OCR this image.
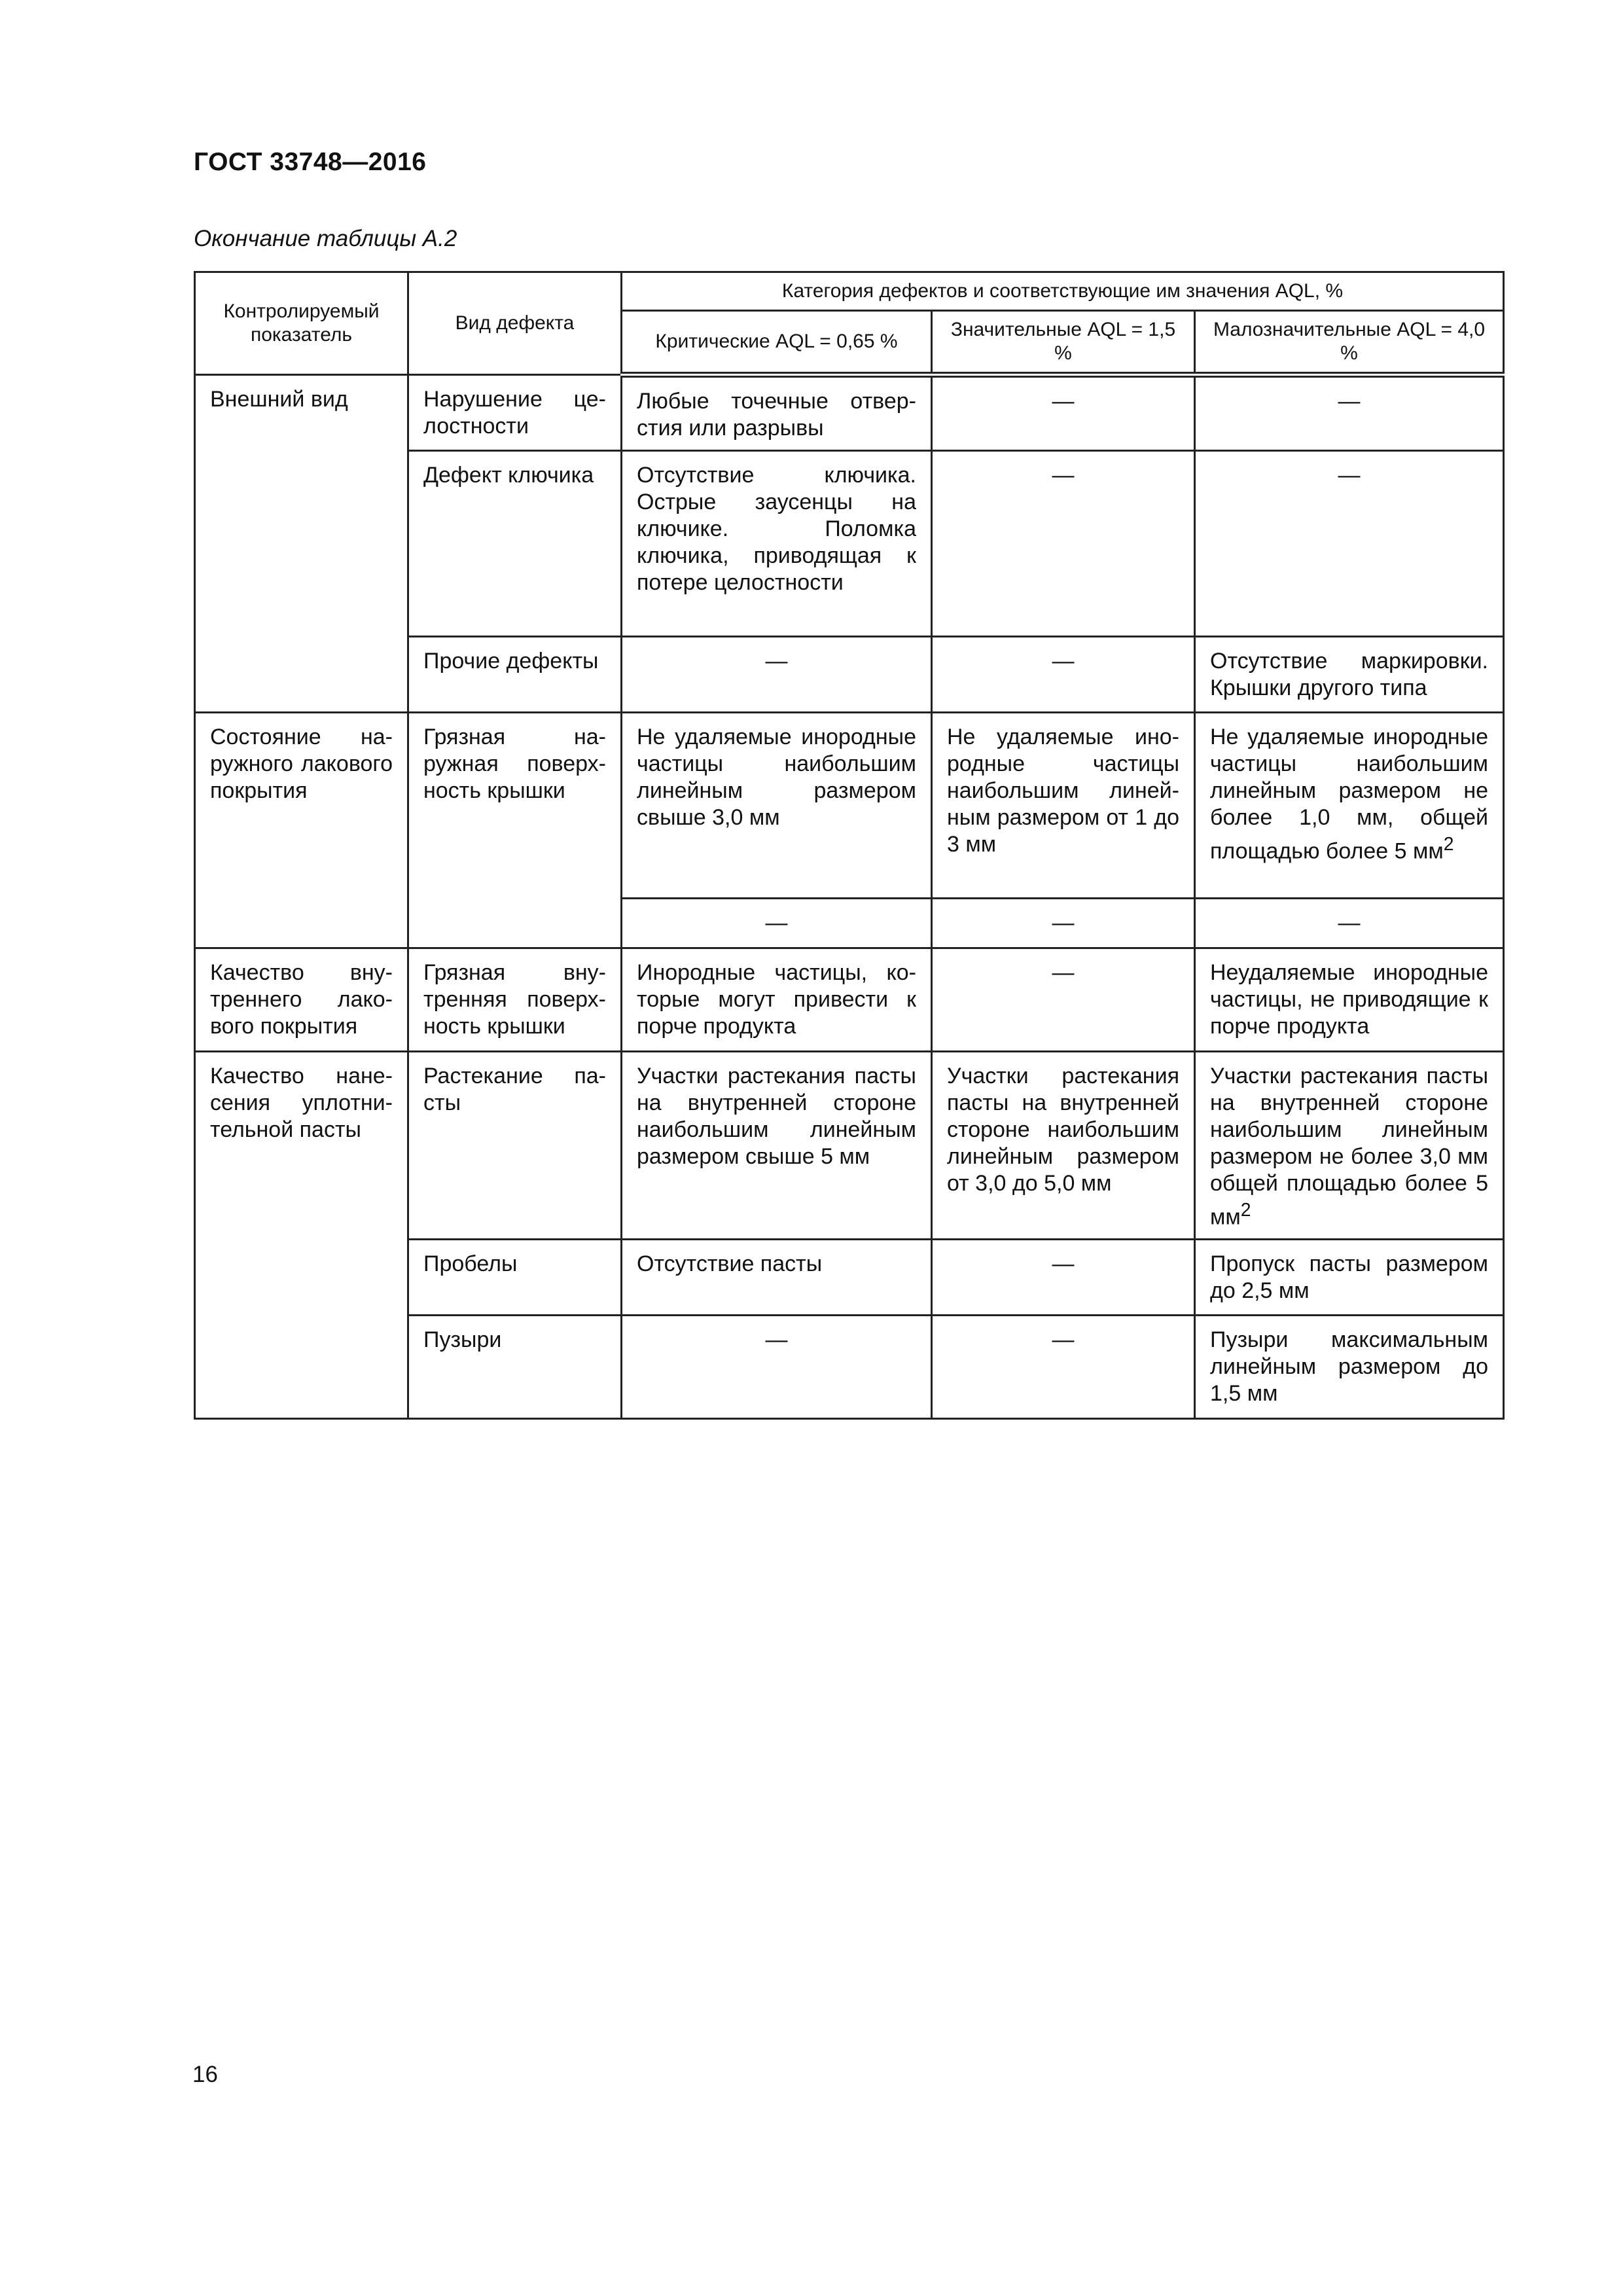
ГОСТ 33748—2016
Окончание таблицы А.2
Контролируемый показатель	Вид дефекта	Категория дефектов и соответствующие им значения AQL, %		
		Критические AQL = 0,65 %	Значительные AQL = 1,5 %	Малозначительные AQL = 4,0 %
Внешний вид	Нарушение целостности	Любые точечные отверстия или разрывы	—	—
	Дефект ключика	Отсутствие ключика. Острые заусенцы на ключике. Поломка ключика, приводящая к потере целостности	—	—
	Прочие дефекты	—	—	Отсутствие маркировки. Крышки другого типа
Состояние наружного лакового покрытия	Грязная наружная поверхность крышки	Не удаляемые инородные частицы наибольшим линейным размером свыше 3,0 мм	Не удаляемые инородные частицы наибольшим линейным размером от 1 до 3 мм	Не удаляемые инородные частицы наибольшим линейным размером не более 1,0 мм, общей площадью более 5 $мм^2$
		—	—	—
Качество внутреннего лакового покрытия	Грязная внутренняя поверхность крышки	Инородные частицы, которые могут привести к порче продукта	—	Неудаляемые инородные частицы, не приводящие к порче продукта
Качество нанесения уплотнительной пасты	Растекание пасты	Участки растекания пасты на внутренней стороне наибольшим линейным размером свыше 5 мм	Участки растекания пасты на внутренней стороне наибольшим линейным размером от 3,0 до 5,0 мм	Участки растекания пасты на внутренней стороне наибольшим линейным размером не более 3,0 мм общей площадью более 5 $мм^2$
	Пробелы	Отсутствие пасты	—	Пропуск пасты размером до 2,5 мм
	Пузыри	—	—	Пузыри максимальным линейным размером до 1,5 мм
16
